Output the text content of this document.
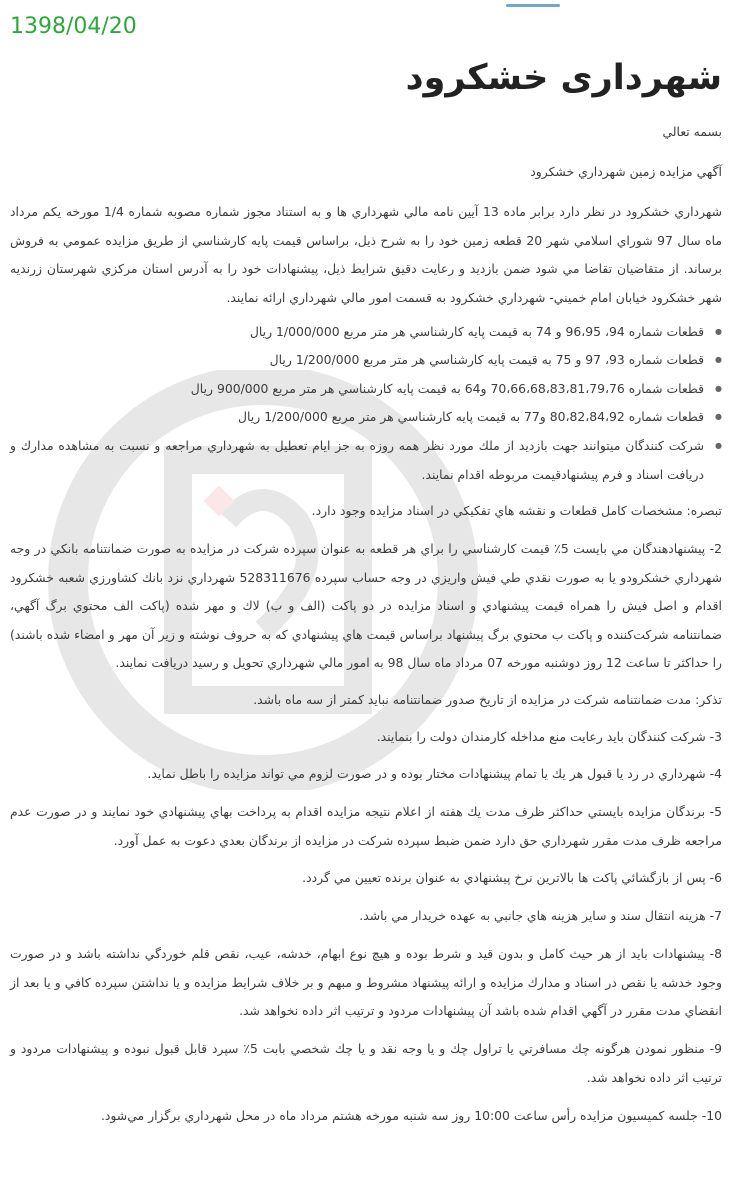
1398/04/20
شهرداری خشکرود

بسمه تعالي

آگهي مزايده زمين شهرداري خشكرود

شهرداري خشكرود در نظر دارد برابر ماده 13 آيين نامه مالي شهرداري ها و به استناد مجوز شماره مصوبه شماره 1/4 مورخه يكم مرداد ماه سال 97 شوراي اسلامي شهر 20 قطعه زمين خود را به شرح ذيل، براساس قيمت پايه كارشناسي از طريق مزايده عمومي به فروش برساند. از متقاضيان تقاضا مي شود ضمن بازديد و رعايت دقيق شرايط ذيل، پيشنهادات خود را به آدرس استان مركزي شهرستان زرنديه شهر خشكرود خيابان امام خميني- شهرداري خشكرود به قسمت امور مالي شهرداري ارائه نمايند.

● قطعات شماره 94، 96،95 و 74 به قيمت پايه كارشناسي هر متر مربع 1/000/000 ريال

● قطعات شماره 93، 97 و 75 به قيمت پايه كارشناسي هر متر مربع 1/200/000 ريال

● قطعات شماره 70،66،68،83،81،79،76 و64 به قيمت پايه كارشناسي هر متر مربع 900/000 ريال

● قطعات شماره 80،82،84،92 و77 به قيمت پايه كارشناسي هر متر مربع 1/200/000 ريال

● شركت كنندگان ميتوانند جهت بازديد از ملك مورد نظر همه روزه به جز ايام تعطيل به شهرداري مراجعه و نسبت به مشاهده مدارك و دريافت اسناد و فرم پيشنهادقيمت مربوطه اقدام نمايند.

تبصره: مشخصات كامل قطعات و نقشه هاي تفكيكي در اسناد مزايده وجود دارد.

2- پيشنهادهندگان مي بايست 5٪ قيمت كارشناسي را براي هر قطعه به عنوان سپرده شركت در مزايده به صورت ضمانتنامه بانكي در وجه شهرداري خشكرودو يا به صورت نقدي طي فيش واريزي در وجه حساب سپرده 528311676 شهرداري نزد بانك كشاورزي شعبه خشكرود اقدام و اصل فيش را همراه قيمت پيشنهادي و اسناد مزايده در دو پاكت (الف و ب) لاك و مهر شده (پاكت الف محتوي برگ آگهي، ضمانتنامه شركت‌كننده و پاكت ب محتوي برگ پيشنهاد براساس قيمت هاي پيشنهادي كه به حروف نوشته و زير آن مهر و امضاء شده باشند) را حداكثر تا ساعت 12 روز دوشنبه مورخه 07 مرداد ماه سال 98 به امور مالي شهرداري تحويل و رسيد دريافت نمايند.

تذكر: مدت ضمانتنامه شركت در مزايده از تاريخ صدور ضمانتنامه نبايد كمتر از سه ماه باشد.

3- شركت كنندگان بايد رعايت منع مداخله كارمندان دولت را بنمايند.

4- شهرداري در رد يا قبول هر يك يا تمام پيشنهادات مختار بوده و در صورت لزوم مي تواند مزايده را باطل نمايد.

5- برندگان مزايده بايستي حداكثر ظرف مدت يك هفته از اعلام نتيجه مزايده اقدام به پرداخت بهاي پيشنهادي خود نمايند و در صورت عدم مراجعه ظرف مدت مقرر شهرداري حق دارد ضمن ضبط سپرده شركت در مزايده از برندگان بعدي دعوت به عمل آورد.

6- پس از بازگشائي پاكت ها بالاترين نرخ پيشنهادي به عنوان برنده تعيين مي گردد.

7- هزينه انتقال سند و ساير هزينه هاي جانبي به عهده خريدار مي باشد.

8- پيشنهادات بايد از هر حيث كامل و بدون قيد و شرط بوده و هيچ نوع ابهام، خدشه، عيب، نقص قلم خوردگي نداشته باشد و در صورت وجود خدشه يا نقص در اسناد و مدارك مزايده و ارائه پيشنهاد مشروط و مبهم و بر خلاف شرايط مزايده و يا نداشتن سپرده كافي و يا بعد از انقضاي مدت مقرر در آگهي اقدام شده باشد آن پيشنهادات مردود و ترتيب اثر داده نخواهد شد.

9- منظور نمودن هرگونه چك مسافرتي يا تراول چك و يا وجه نقد و يا چك شخصي بابت 5٪ سپرد قابل قبول نبوده و پيشنهادات مردود و ترتيب اثر داده نخواهد شد.

10- جلسه كميسيون مزايده رأس ساعت 10:00 روز سه شنبه مورخه هشتم مرداد ماه در محل شهرداري برگزار مي‌شود.
